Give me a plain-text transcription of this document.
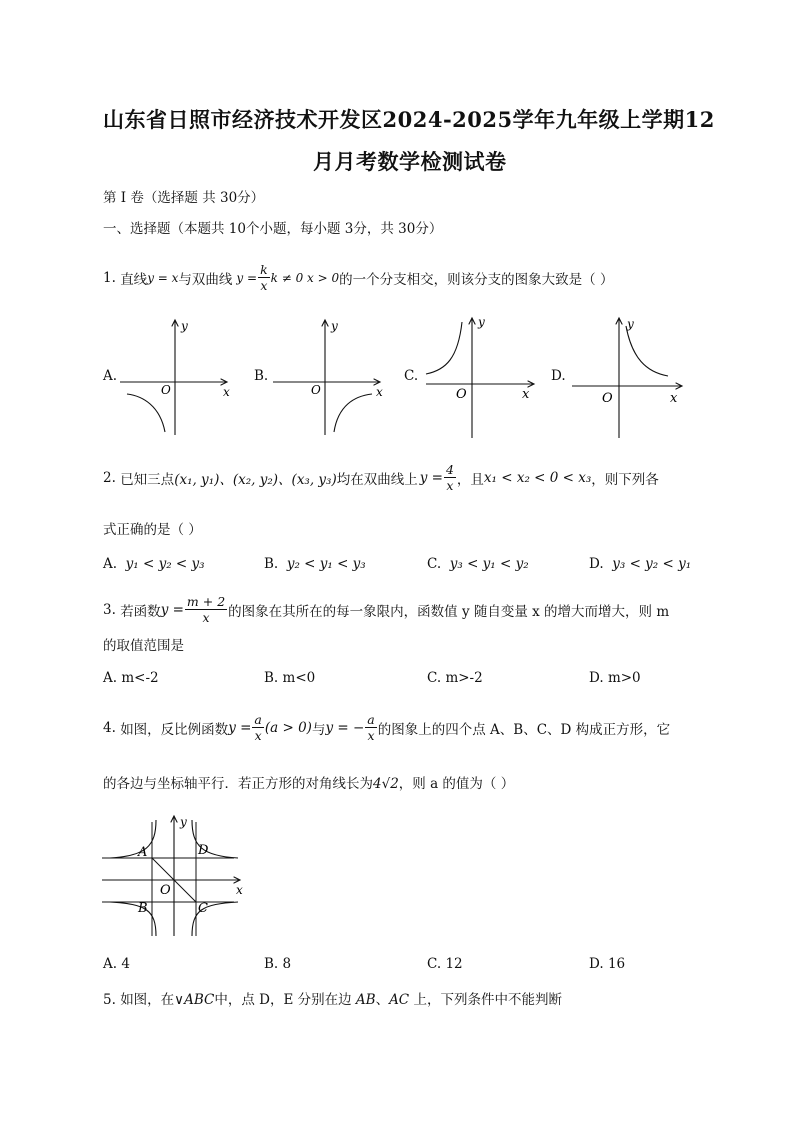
山东省日照市经济技术开发区2024-2025学年九年级上学期12
月月考数学检测试卷
第 I 卷（选择题 共 30分）
一、选择题（本题共 10个小题，每小题 3分，共 30分）
1.
直线 y = x 与双曲线 $y = \frac{k}{x}$ k ≠ 0 x > 0 的一个分支相交，则该分支的图象大致是（ ）
A.
y
x
O
B.
y
x
O
C.
y
x
O
D.
y
x
O
2.
已知三点 (x₁, y₁)、(x₂, y₂)、(x₃, y₃) 均在双曲线上 $y = \frac{4}{x}$ ，且 x₁ < x₂ < 0 < x₃ ，则下列各
式正确的是（ ）
A. y₁ < y₂ < y₃	B. y₂ < y₁ < y₃	C. y₃ < y₁ < y₂	D. y₃ < y₂ < y₁
3.
若函数 $y = \frac{m + 2}{x}$ 的图象在其所在的每一象限内，函数值 y 随自变量 x 的增大而增大，则 m
的取值范围是
A. m<-2	B. m<0	C. m>-2	D. m>0
4.
如图，反比例函数 $y = \frac{a}{x} (a > 0)$ 与 y = − $\frac{a}{x}$ 的图象上的四个点 A、B、C、D 构成正方形，它
的各边与坐标轴平行．若正方形的对角线长为4√2，则 a 的值为（ ）
A	D
B	C
O
y
x
A. 4	B. 8	C. 12	D. 16
5. 如图，在∨ABC中，点 D，E 分别在边 AB、AC 上，下列条件中不能判断
